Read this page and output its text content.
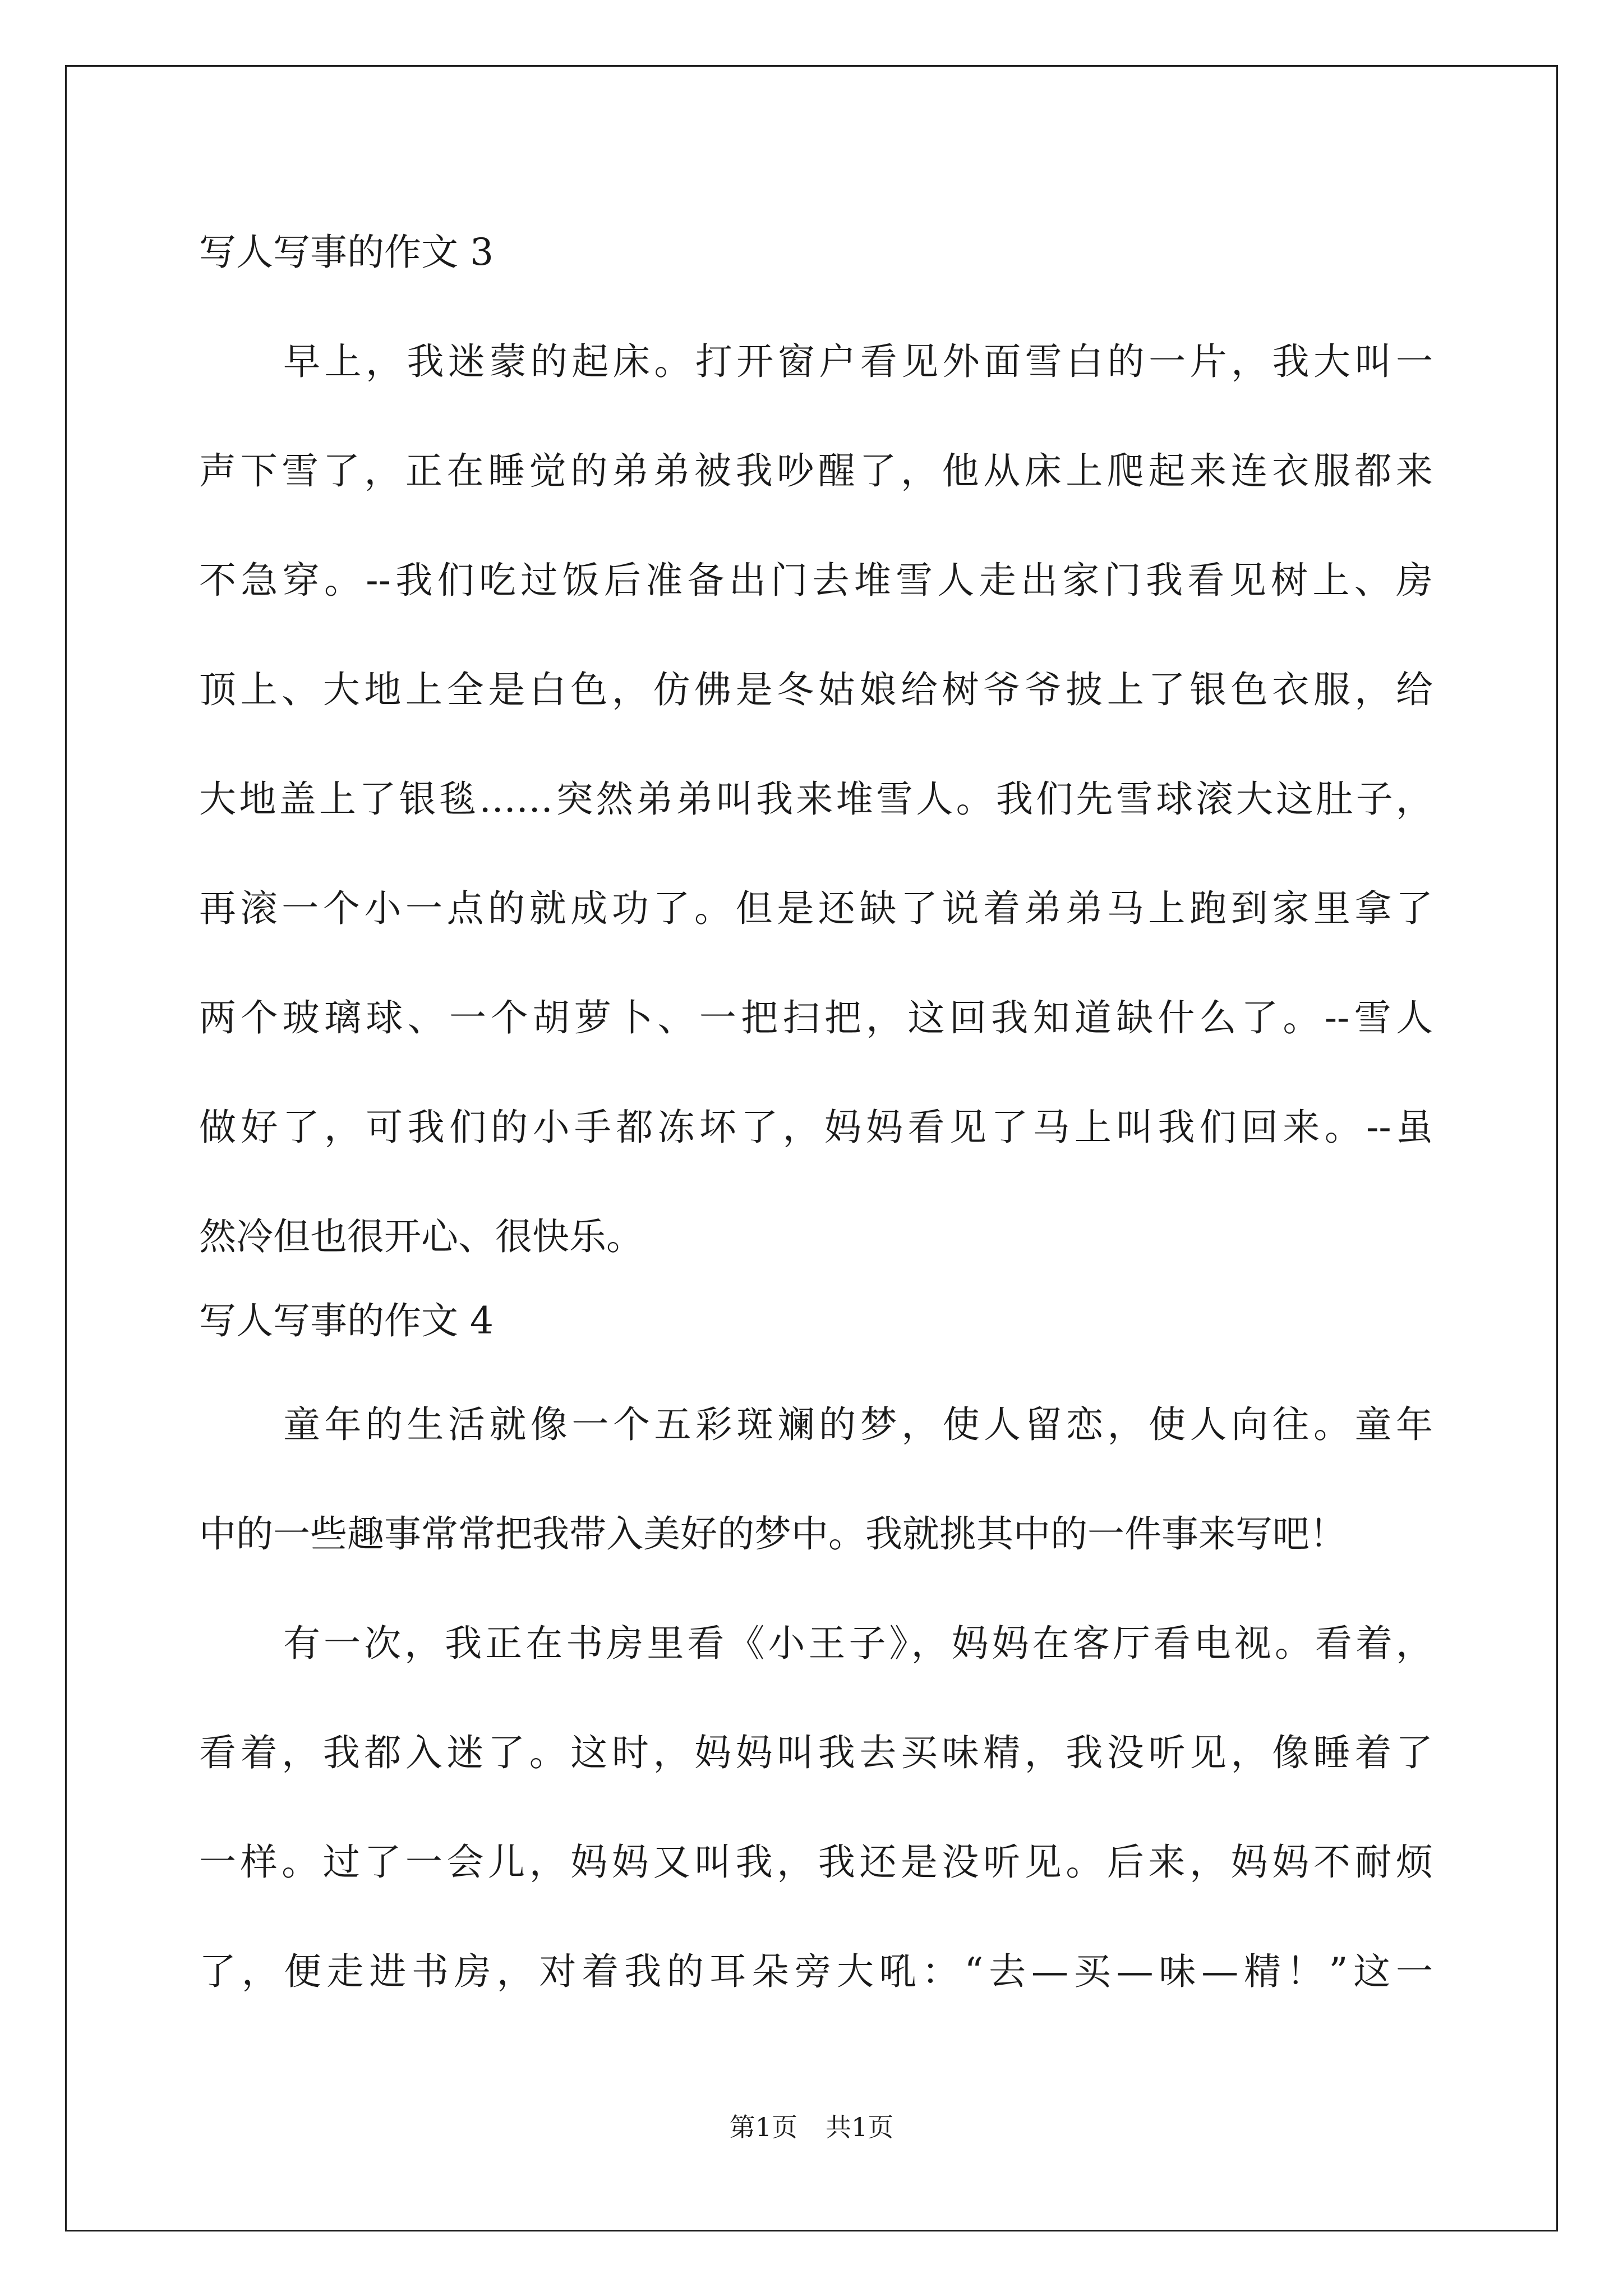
写人写事的作文 3
早上，我迷蒙的起床。打开窗户看见外面雪白的一片，我大叫一
声下雪了，正在睡觉的弟弟被我吵醒了，他从床上爬起来连衣服都来
不急穿。--我们吃过饭后准备出门去堆雪人走出家门我看见树上、房
顶上、大地上全是白色，仿佛是冬姑娘给树爷爷披上了银色衣服，给
大地盖上了银毯……突然弟弟叫我来堆雪人。我们先雪球滚大这肚子，
再滚一个小一点的就成功了。但是还缺了说着弟弟马上跑到家里拿了
两个玻璃球、一个胡萝卜、一把扫把，这回我知道缺什么了。--雪人
做好了，可我们的小手都冻坏了，妈妈看见了马上叫我们回来。--虽
然冷但也很开心、很快乐。
写人写事的作文 4
童年的生活就像一个五彩斑斓的梦，使人留恋，使人向往。童年
中的一些趣事常常把我带入美好的梦中。我就挑其中的一件事来写吧！
有一次，我正在书房里看《小王子》，妈妈在客厅看电视。看着，
看着，我都入迷了。这时，妈妈叫我去买味精，我没听见，像睡着了
一样。过了一会儿，妈妈又叫我，我还是没听见。后来，妈妈不耐烦
了，便走进书房，对着我的耳朵旁大吼：“去—买—味—精！”这一
第1页 共1页
